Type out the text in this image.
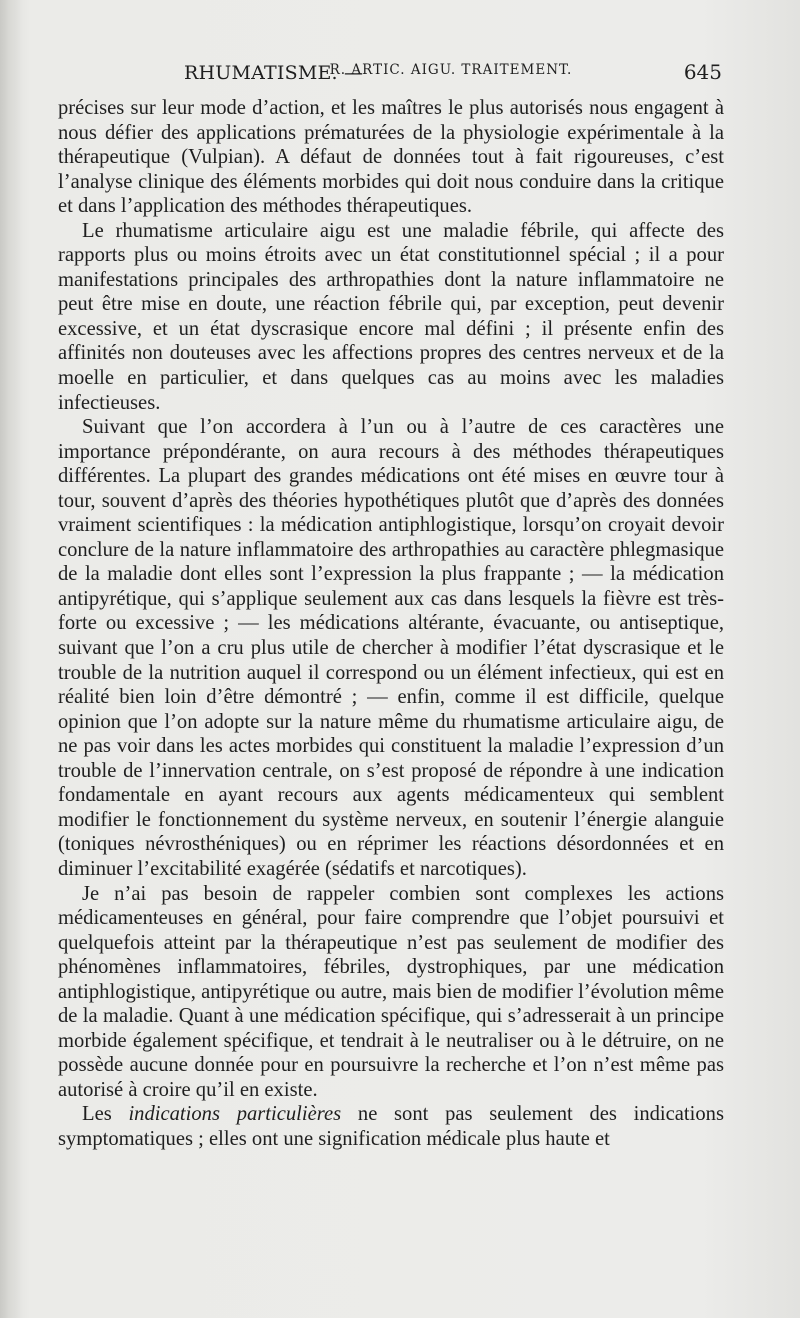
RHUMATISME. —
R. ARTIC. AIGU. TRAITEMENT.	645

précises sur leur mode d’action, et les maîtres le plus autorisés nous engagent à nous défier des applications prématurées de la physiologie expérimentale à la thérapeutique (Vulpian). A défaut de données tout à fait rigoureuses, c’est l’analyse clinique des éléments morbides qui doit nous conduire dans la critique et dans l’application des méthodes thérapeutiques.

Le rhumatisme articulaire aigu est une maladie fébrile, qui affecte des rapports plus ou moins étroits avec un état constitutionnel spécial ; il a pour manifestations principales des arthropathies dont la nature inflammatoire ne peut être mise en doute, une réaction fébrile qui, par exception, peut devenir excessive, et un état dyscrasique encore mal défini ; il présente enfin des affinités non douteuses avec les affections propres des centres nerveux et de la moelle en particulier, et dans quelques cas au moins avec les maladies infectieuses.

Suivant que l’on accordera à l’un ou à l’autre de ces caractères une importance prépondérante, on aura recours à des méthodes thérapeutiques différentes. La plupart des grandes médications ont été mises en œuvre tour à tour, souvent d’après des théories hypothétiques plutôt que d’après des données vraiment scientifiques : la médication antiphlogistique, lorsqu’on croyait devoir conclure de la nature inflammatoire des arthropathies au caractère phlegmasique de la maladie dont elles sont l’expression la plus frappante ; — la médication antipyrétique, qui s’applique seulement aux cas dans lesquels la fièvre est très-forte ou excessive ; — les médications altérante, évacuante, ou antiseptique, suivant que l’on a cru plus utile de chercher à modifier l’état dyscrasique et le trouble de la nutrition auquel il correspond ou un élément infectieux, qui est en réalité bien loin d’être démontré ; — enfin, comme il est difficile, quelque opinion que l’on adopte sur la nature même du rhumatisme articulaire aigu, de ne pas voir dans les actes morbides qui constituent la maladie l’expression d’un trouble de l’innervation centrale, on s’est proposé de répondre à une indication fondamentale en ayant recours aux agents médicamenteux qui semblent modifier le fonctionnement du système nerveux, en soutenir l’énergie alanguie (toniques névrosthéniques) ou en réprimer les réactions désordonnées et en diminuer l’excitabilité exagérée (sédatifs et narcotiques).

Je n’ai pas besoin de rappeler combien sont complexes les actions médicamenteuses en général, pour faire comprendre que l’objet poursuivi et quelquefois atteint par la thérapeutique n’est pas seulement de modifier des phénomènes inflammatoires, fébriles, dystrophiques, par une médication antiphlogistique, antipyrétique ou autre, mais bien de modifier l’évolution même de la maladie. Quant à une médication spécifique, qui s’adresserait à un principe morbide également spécifique, et tendrait à le neutraliser ou à le détruire, on ne possède aucune donnée pour en poursuivre la recherche et l’on n’est même pas autorisé à croire qu’il en existe.

Les indications particulières ne sont pas seulement des indications symptomatiques ; elles ont une signification médicale plus haute et
